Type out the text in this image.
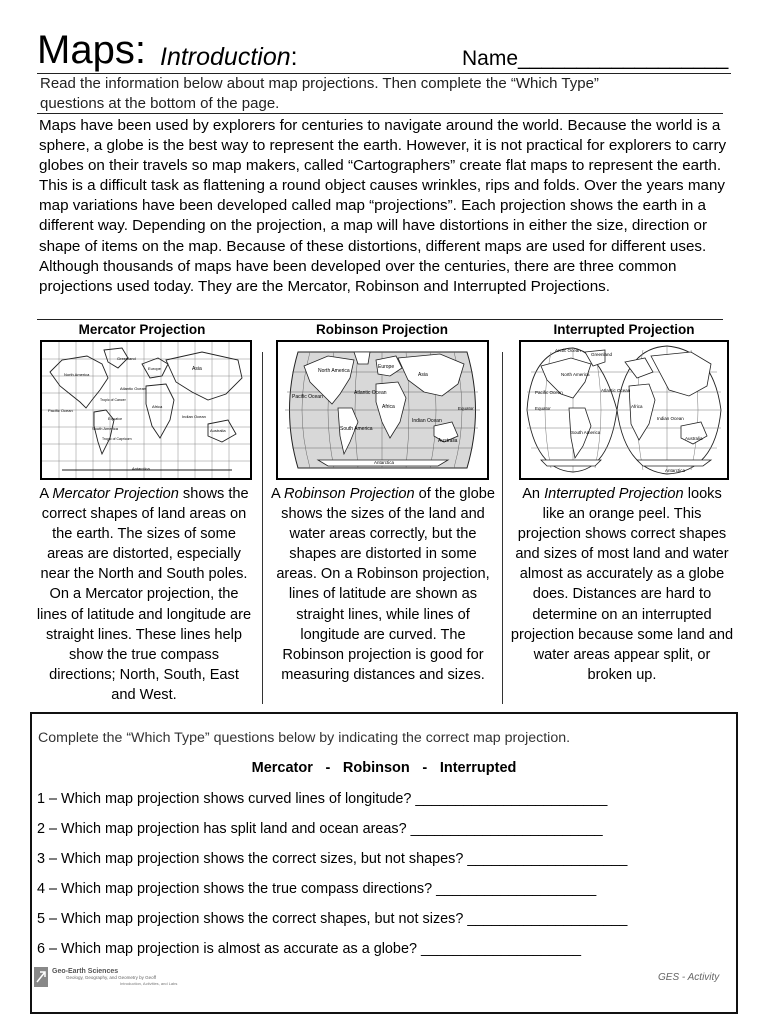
Maps: Introduction:	Name__________________
Read the information below about map projections. Then complete the “Which Type”
questions at the bottom of the page.
Maps have been used by explorers for centuries to navigate around the world. Because the world is a sphere, a globe is the best way to represent the earth. However, it is not practical for explorers to carry globes on their travels so map makers, called “Cartographers” create flat maps to represent the earth. This is a difficult task as flattening a round object causes wrinkles, rips and folds. Over the years many map variations have been developed called map “projections”. Each projection shows the earth in a different way. Depending on the projection, a map will have distortions in either the size, direction or shape of items on the map. Because of these distortions, different maps are used for different uses. Although thousands of maps have been developed over the centuries, there are three common projections used today. They are the Mercator, Robinson and Interrupted Projections.
Mercator Projection	Robinson Projection	Interrupted Projection
Greenland
Asia
Europe
North America
Atlantic Ocean
Pacific Ocean
Equator
Africa
South America
Indian Ocean
Australia
Tropic of Cancer
Tropic of Capricorn
Antarctica
North America
Europe
Asia
Pacific Ocean
Atlantic Ocean
Equator
Africa
Indian Ocean
South America
Australia
Antarctica
Arctic Ocean
Greenland
North America
Pacific Ocean	Atlantic Ocean
Equator
South America
Africa
Indian Ocean
Australia
Antarctica
A Mercator Projection shows the correct shapes of land areas on the earth. The sizes of some areas are distorted, especially near the North and South poles. On a Mercator projection, the lines of latitude and longitude are straight lines. These lines help show the true compass directions; North, South, East and West.
A Robinson Projection of the globe shows the sizes of the land and water areas correctly, but the shapes are distorted in some areas. On a Robinson projection, lines of latitude are shown as straight lines, while lines of longitude are curved. The Robinson projection is good for measuring distances and sizes.
An Interrupted Projection looks like an orange peel. This projection shows correct shapes and sizes of most land and water almost as accurately as a globe does. Distances are hard to determine on an interrupted projection because some land and water areas appear split, or broken up.
Complete the “Which Type” questions below by indicating the correct map projection.
Mercator - Robinson - Interrupted
1 – Which map projection shows curved lines of longitude? ________________________
2 – Which map projection has split land and ocean areas? ________________________
3 – Which map projection shows the correct sizes, but not shapes? ____________________
4 – Which map projection shows the true compass directions? ____________________
5 – Which map projection shows the correct shapes, but not sizes? ____________________
6 – Which map projection is almost as accurate as a globe? ____________________
Geo-Earth Sciences
Geology, Geography, and Geometry by Geoff
Introduction, Activities, and Labs
GES - Activity
